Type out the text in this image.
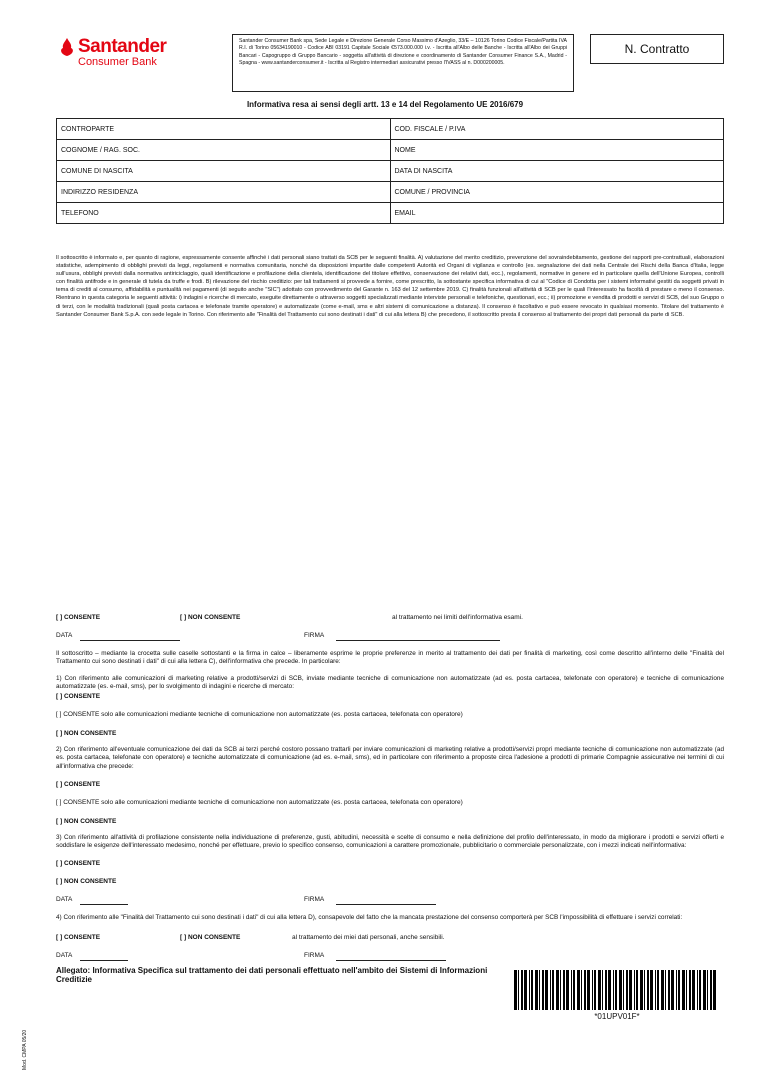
Santander
Consumer Bank
Santander Consumer Bank spa, Sede Legale e Direzione Generale Corso Massimo d'Azeglio, 33/E – 10126 Torino Codice Fiscale/Partita IVA R.I. di Torino 05634190010 - Codice ABI 03191 Capitale Sociale €573.000.000 i.v. - Iscritta all'Albo delle Banche - Iscritta all'Albo dei Gruppi Bancari - Capogruppo di Gruppo Bancario - soggetta all'attività di direzione e coordinamento di Santander Consumer Finance S.A., Madrid - Spagna - www.santanderconsumer.it - Iscritta al Registro intermediari assicurativi presso l'IVASS al n. D000200005.
N. Contratto
Informativa resa ai sensi degli artt. 13 e 14 del Regolamento UE 2016/679
CONTROPARTE	COD. FISCALE / P.IVA
COGNOME / RAG. SOC.	NOME
COMUNE DI NASCITA	DATA DI NASCITA
INDIRIZZO RESIDENZA	COMUNE / PROVINCIA
TELEFONO	EMAIL
Il sottoscritto è informato e, per quanto di ragione, espressamente consente affinché i dati personali siano trattati da SCB per le seguenti finalità. A) valutazione del merito creditizio, prevenzione del sovraindebitamento, gestione dei rapporti pre-contrattuali, elaborazioni statistiche, adempimento di obblighi previsti da leggi, regolamenti e normativa comunitaria, nonché da disposizioni impartite dalle competenti Autorità ed Organi di vigilanza e controllo (es. segnalazione dei dati nella Centrale dei Rischi della Banca d'Italia, legge sull'usura, obblighi previsti dalla normativa antiriciclaggio, quali identificazione e profilazione della clientela, identificazione del titolare effettivo, conservazione dei relativi dati, ecc.), regolamenti, normative in genere ed in particolare quella dell'Unione Europea, controlli con finalità antifrode e in generale di tutela da truffe e frodi. B) rilevazione del rischio creditizio: per tali trattamenti si provvede a fornire, come prescritto, la sottostante specifica informativa di cui al "Codice di Condotta per i sistemi informativi gestiti da soggetti privati in tema di crediti al consumo, affidabilità e puntualità nei pagamenti (di seguito anche "SIC") adottato con provvedimento del Garante n. 163 del 12 settembre 2019. C) finalità funzionali all'attività di SCB per le quali l'interessato ha facoltà di prestare o meno il consenso. Rientrano in questa categoria le seguenti attività: i) indagini e ricerche di mercato, eseguite direttamente o attraverso soggetti specializzati mediante interviste personali e telefoniche, questionari, ecc.; ii) promozione e vendita di prodotti e servizi di SCB, del suo Gruppo o di terzi, con le modalità tradizionali (quali posta cartacea e telefonate tramite operatore) e automatizzate (come e-mail, sms e altri sistemi di comunicazione a distanza). Il consenso è facoltativo e può essere revocato in qualsiasi momento. Titolare del trattamento è Santander Consumer Bank S.p.A. con sede legale in Torino. Con riferimento alle "Finalità del Trattamento cui sono destinati i dati" di cui alla lettera B) che precedono, il sottoscritto presta il consenso al trattamento dei propri dati personali da parte di SCB.
[ ] CONSENTE	[ ] NON CONSENTE	al trattamento nei limiti dell'informativa esami.
DATA	FIRMA
Il sottoscritto – mediante la crocetta sulle caselle sottostanti e la firma in calce – liberamente esprime le proprie preferenze in merito al trattamento dei dati per finalità di marketing, così come descritto all'interno delle "Finalità del Trattamento cui sono destinati i dati" di cui alla lettera C), dell'informativa che precede. In particolare:
1) Con riferimento alle comunicazioni di marketing relative a prodotti/servizi di SCB, inviate mediante tecniche di comunicazione non automatizzate (ad es. posta cartacea, telefonate con operatore) e tecniche di comunicazione automatizzate (es. e-mail, sms), per lo svolgimento di indagini e ricerche di mercato:
[ ] CONSENTE
[ ] CONSENTE solo alle comunicazioni mediante tecniche di comunicazione non automatizzate (es. posta cartacea, telefonata con operatore)
[ ] NON CONSENTE
2) Con riferimento all'eventuale comunicazione dei dati da SCB ai terzi perché costoro possano trattarli per inviare comunicazioni di marketing relative a prodotti/servizi propri mediante tecniche di comunicazione non automatizzate (ad es. posta cartacea, telefonate con operatore) e tecniche automatizzate di comunicazione (ad es. e-mail, sms), ed in particolare con riferimento a proposte circa l'adesione a prodotti di primarie Compagnie assicurative nei termini di cui all'informativa che precede:
[ ] CONSENTE
[ ] CONSENTE solo alle comunicazioni mediante tecniche di comunicazione non automatizzate (es. posta cartacea, telefonata con operatore)
[ ] NON CONSENTE
3) Con riferimento all'attività di profilazione consistente nella individuazione di preferenze, gusti, abitudini, necessità e scelte di consumo e nella definizione del profilo dell'interessato, in modo da migliorare i prodotti e servizi offerti e soddisfare le esigenze dell'interessato medesimo, nonché per effettuare, previo lo specifico consenso, comunicazioni a carattere promozionale, pubblicitario o commerciale personalizzate, con i mezzi indicati nell'informativa:
[ ] CONSENTE
[ ] NON CONSENTE
DATA	FIRMA
4) Con riferimento alle "Finalità del Trattamento cui sono destinati i dati" di cui alla lettera D), consapevole del fatto che la mancata prestazione del consenso comporterà per SCB l'impossibilità di effettuare i servizi correlati:
[ ] CONSENTE	[ ] NON CONSENTE	al trattamento dei miei dati personali, anche sensibili.
DATA	FIRMA
Allegato: Informativa Specifica sul trattamento dei dati personali effettuato nell'ambito dei Sistemi di Informazioni Creditizie
Mod. CMPA 05/20
*01UPV01F*
